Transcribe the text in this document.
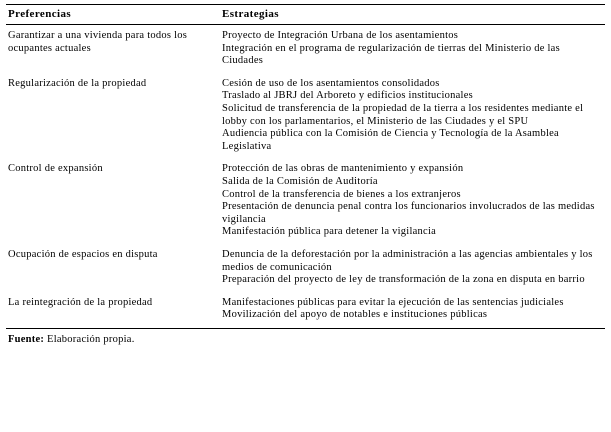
Preferencias	Estrategias
Garantizar a una vivienda para todos los ocupantes actuales	Proyecto de Integración Urbana de los asentamientos
Integración en el programa de regularización de tierras del Ministerio de las Ciudades

Regularización de la propiedad	Cesión de uso de los asentamientos consolidados
Traslado al JBRJ del Arboreto y edificios institucionales
Solicitud de transferencia de la propiedad de la tierra a los residentes mediante el lobby con los parlamentarios, el Ministerio de las Ciudades y el SPU
Audiencia pública con la Comisión de Ciencia y Tecnología de la Asamblea Legislativa

Control de expansión	Protección de las obras de mantenimiento y expansión
Salida de la Comisión de Auditoría
Control de la transferencia de bienes a los extranjeros
Presentación de denuncia penal contra los funcionarios involucrados de las medidas vigilancia
Manifestación pública para detener la vigilancia

Ocupación de espacios en disputa	Denuncia de la deforestación por la administración a las agencias ambientales y los medios de comunicación
Preparación del proyecto de ley de transformación de la zona en disputa en barrio

La reintegración de la propiedad	Manifestaciones públicas para evitar la ejecución de las sentencias judiciales
Movilización del apoyo de notables e instituciones públicas
Fuente: Elaboración propia.
